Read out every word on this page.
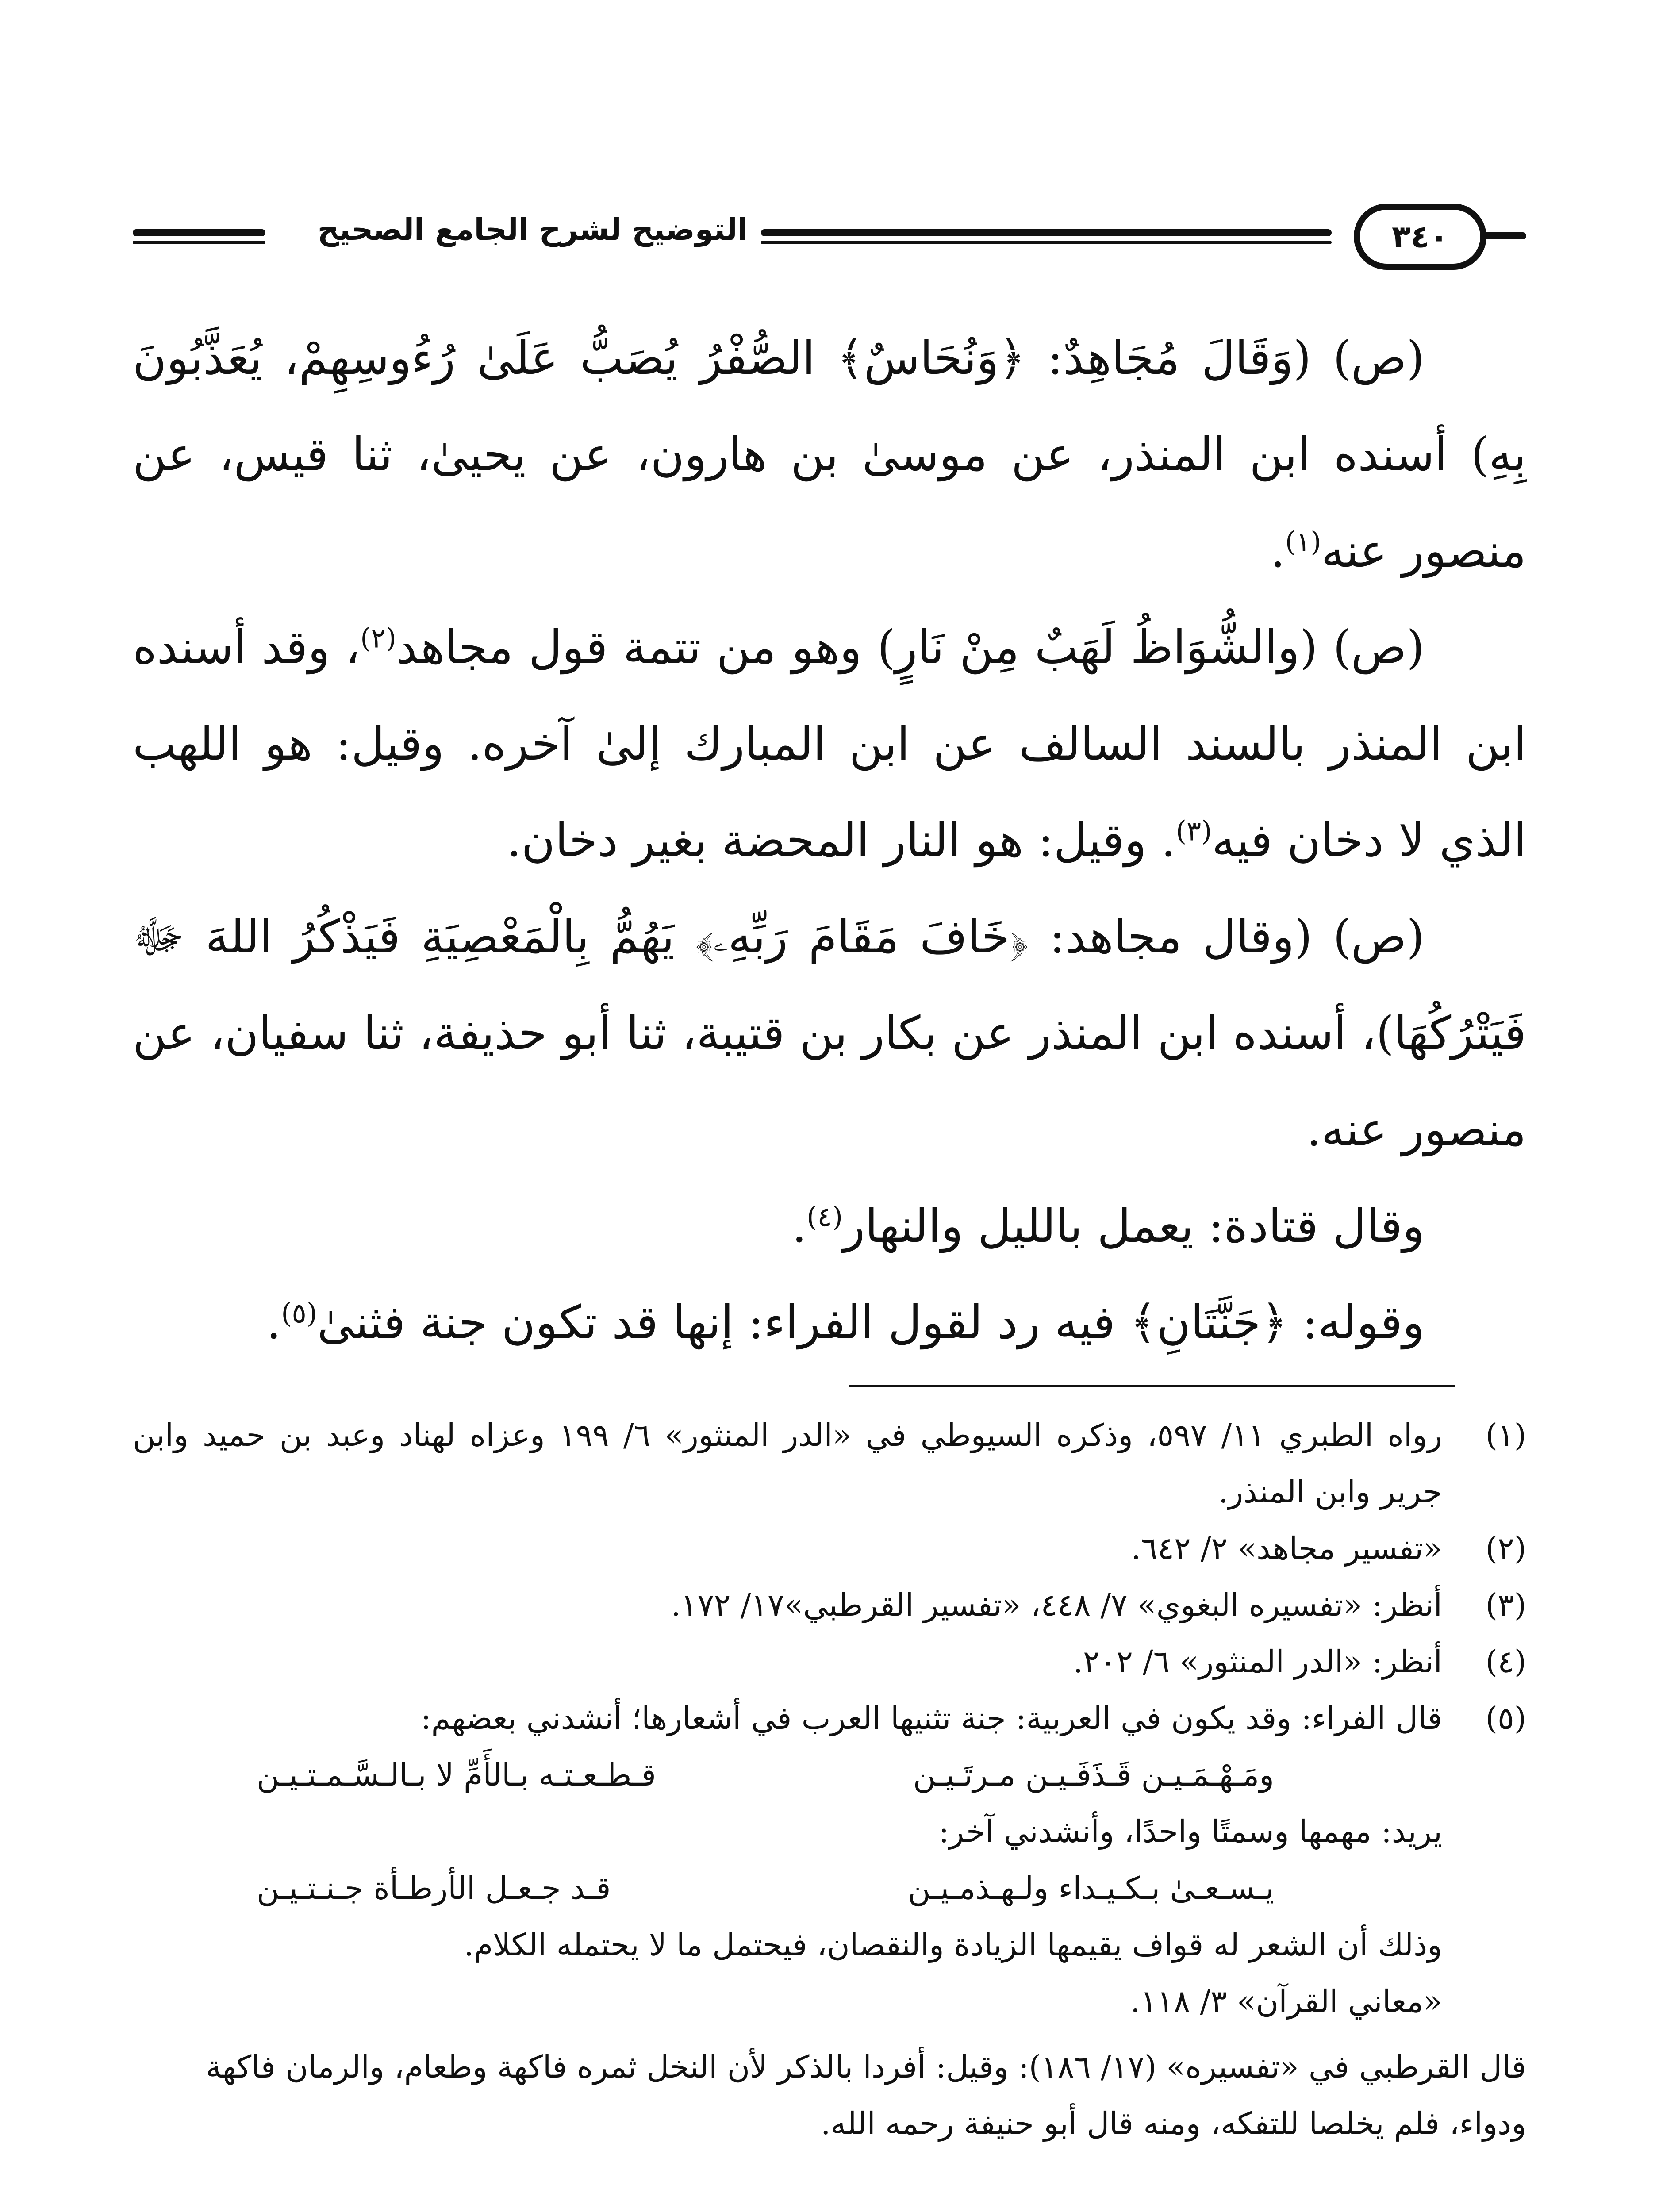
٣٤٠
التوضيح لشرح الجامع الصحيح

(ص) (وَقَالَ مُجَاهِدٌ: ﴿وَنُحَاسٌ﴾ الصُّفْرُ يُصَبُّ عَلَىٰ رُءُوسِهِمْ، يُعَذَّبُونَ بِهِ) أسنده ابن المنذر، عن موسىٰ بن هارون، عن يحيىٰ، ثنا قيس، عن منصور عنه$^{(١)}$.

(ص) (والشُّوَاظُ لَهَبٌ مِنْ نَارٍ) وهو من تتمة قول مجاهد$^{(٢)}$، وقد أسنده ابن المنذر بالسند السالف عن ابن المبارك إلىٰ آخره. وقيل: هو اللهب الذي لا دخان فيه$^{(٣)}$. وقيل: هو النار المحضة بغير دخان.

(ص) (وقال مجاهد: ﴿خَافَ مَقَامَ رَبِّهِۦ﴾ يَهُمُّ بِالْمَعْصِيَةِ فَيَذْكُرُ اللهَ ﷻ فَيَتْرُكُهَا)، أسنده ابن المنذر عن بكار بن قتيبة، ثنا أبو حذيفة، ثنا سفيان، عن منصور عنه.

وقال قتادة: يعمل بالليل والنهار$^{(٤)}$.

وقوله: ﴿جَنَّتَانِ﴾ فيه رد لقول الفراء: إنها قد تكون جنة فثنىٰ$^{(٥)}$.

(١)
رواه الطبري ١١/ ٥٩٧، وذكره السيوطي في «الدر المنثور» ٦/ ١٩٩ وعزاه لهناد وعبد بن حميد وابن جرير وابن المنذر.
(٢)
«تفسير مجاهد» ٢/ ٦٤٢.
(٣)
أنظر: «تفسيره البغوي» ٧/ ٤٤٨، «تفسير القرطبي»١٧/ ١٧٢.
(٤)
أنظر: «الدر المنثور» ٦/ ٢٠٢.
(٥)
قال الفراء: وقد يكون في العربية: جنة تثنيها العرب في أشعارها؛ أنشدني بعضهم:
ومَـهْـمَـيـن قَـذَفَـيـن مـرتَـيـن
قـطـعـتـه بـالأَمِّ لا بـالـسَّـمـتـيـن
يريد: مهمها وسمتًا واحدًا، وأنشدني آخر:
يـسـعـىٰ بـكـيـداء ولـهـذمـيـن
قـد جـعـل الأرطـأة جـنـتـيـن
وذلك أن الشعر له قواف يقيمها الزيادة والنقصان، فيحتمل ما لا يحتمله الكلام.
«معاني القرآن» ٣/ ١١٨.
قال القرطبي في «تفسيره» (١٧/ ١٨٦): وقيل: أفردا بالذكر لأن النخل ثمره فاكهة وطعام، والرمان فاكهة ودواء، فلم يخلصا للتفكه، ومنه قال أبو حنيفة رحمه الله.
